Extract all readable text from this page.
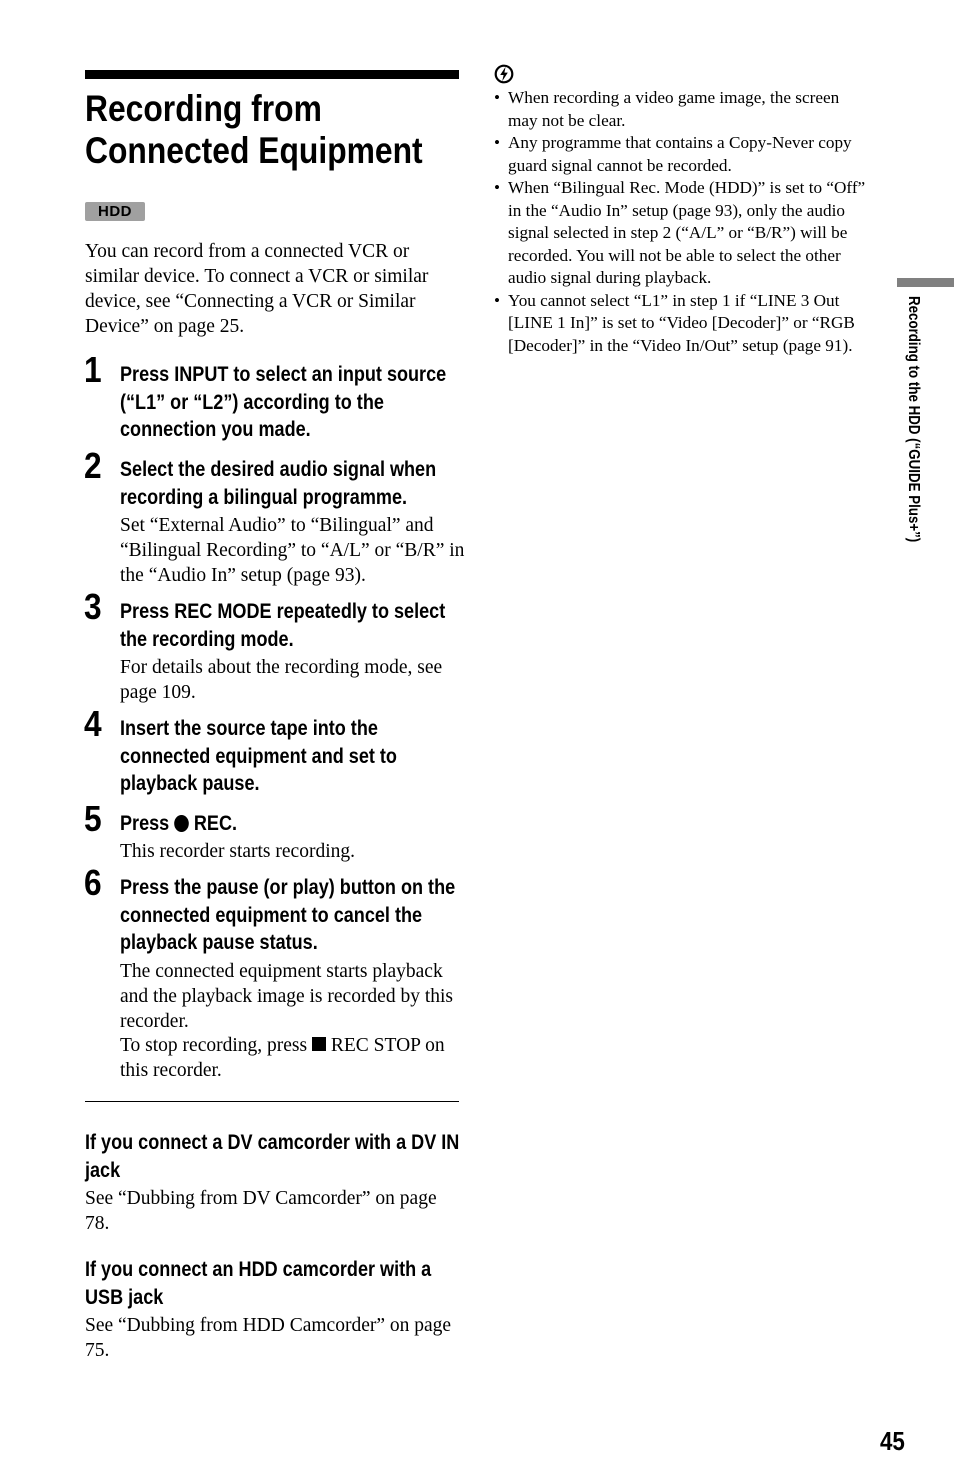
Recording from
Connected Equipment
HDD

You can record from a connected VCR or similar device. To connect a VCR or similar device, see “Connecting a VCR or Similar Device” on page 25.

1 Press INPUT to select an input source (“L1” or “L2”) according to the connection you made.

2 Select the desired audio signal when recording a bilingual programme.

Set “External Audio” to “Bilingual” and “Bilingual Recording” to “A/L” or “B/R” in the “Audio In” setup (page 93).

3 Press REC MODE repeatedly to select the recording mode.

For details about the recording mode, see page 109.

4 Insert the source tape into the connected equipment and set to playback pause.

5 Press REC.

This recorder starts recording.

6 Press the pause (or play) button on the connected equipment to cancel the playback pause status.

The connected equipment starts playback and the playback image is recorded by this recorder.

To stop recording, press REC STOP on this recorder.

If you connect a DV camcorder with a DV IN jack

See “Dubbing from DV Camcorder” on page 78.

If you connect an HDD camcorder with a USB jack

See “Dubbing from HDD Camcorder” on page 75.

• When recording a video game image, the screen may not be clear.
• Any programme that contains a Copy-Never copy guard signal cannot be recorded.
• When “Bilingual Rec. Mode (HDD)” is set to “Off” in the “Audio In” setup (page 93), only the audio signal selected in step 2 (“A/L” or “B/R”) will be recorded. You will not be able to select the other audio signal during playback.
• You cannot select “L1” in step 1 if “LINE 3 Out [LINE 1 In]” is set to “Video [Decoder]” or “RGB [Decoder]” in the “Video In/Out” setup (page 91).	Recording to the HDD (“GUIDE Plus+”)
45
